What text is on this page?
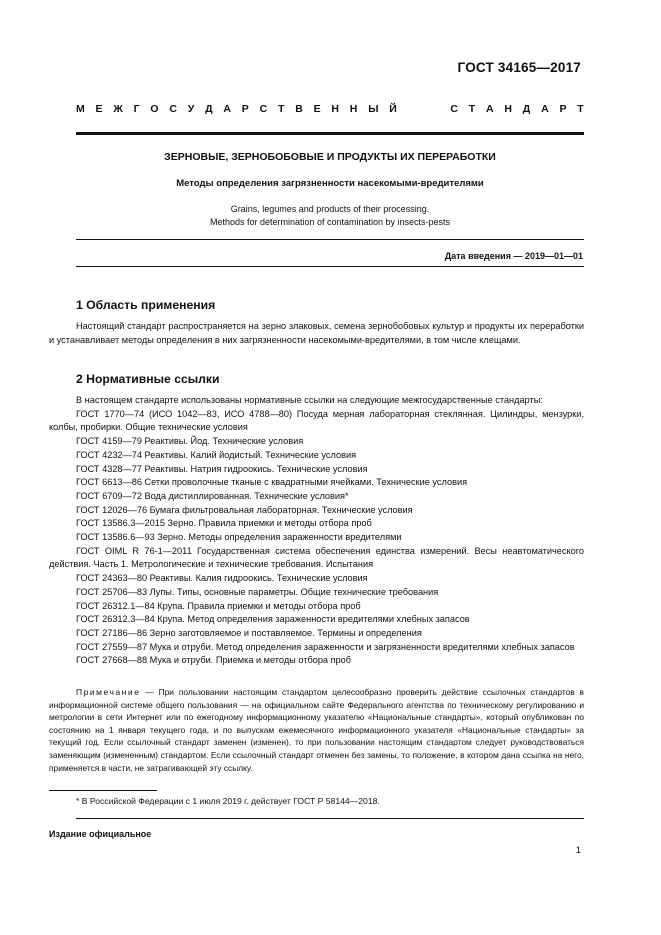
ГОСТ 34165—2017
М Е Ж Г О С У Д А Р С Т В Е Н Н Ы Й	С Т А Н Д А Р Т
ЗЕРНОВЫЕ, ЗЕРНОБОБОВЫЕ И ПРОДУКТЫ ИХ ПЕРЕРАБОТКИ
Методы определения загрязненности насекомыми-вредителями
Grains, legumes and products of their processing.
Methods for determination of contamination by insects-pests
Дата введения — 2019—01—01
1 Область применения

Настоящий стандарт распространяется на зерно злаковых, семена зернобобовых культур и продукты их переработки и устанавливает методы определения в них загрязненности насекомыми-вредителями, в том числе клещами.

2 Нормативные ссылки

В настоящем стандарте использованы нормативные ссылки на следующие межгосударственные стандарты:

ГОСТ 1770—74 (ИСО 1042—83, ИСО 4788—80) Посуда мерная лабораторная стеклянная. Цилиндры, мензурки, колбы, пробирки. Общие технические условия
ГОСТ 4159—79 Реактивы. Йод. Технические условия
ГОСТ 4232—74 Реактивы. Калий йодистый. Технические условия
ГОСТ 4328—77 Реактивы. Натрия гидроокись. Технические условия
ГОСТ 6613—86 Сетки проволочные тканые с квадратными ячейками. Технические условия
ГОСТ 6709—72 Вода дистиллированная. Технические условия*
ГОСТ 12026—76 Бумага фильтровальная лабораторная. Технические условия
ГОСТ 13586.3—2015 Зерно. Правила приемки и методы отбора проб
ГОСТ 13586.6—93 Зерно. Методы определения зараженности вредителями
ГОСТ OIML R 76-1—2011 Государственная система обеспечения единства измерений. Весы неавтоматического действия. Часть 1. Метрологические и технические требования. Испытания
ГОСТ 24363—80 Реактивы. Калия гидроокись. Технические условия
ГОСТ 25706—83 Лупы. Типы, основные параметры. Общие технические требования
ГОСТ 26312.1—84 Крупа. Правила приемки и методы отбора проб
ГОСТ 26312.3—84 Крупа. Метод определения зараженности вредителями хлебных запасов
ГОСТ 27186—86 Зерно заготовляемое и поставляемое. Термины и определения
ГОСТ 27559—87 Мука и отруби. Метод определения зараженности и загрязненности вредителями хлебных запасов
ГОСТ 27668—88 Мука и отруби. Приемка и методы отбора проб

Примечание — При пользовании настоящим стандартом целесообразно проверить действие ссылочных стандартов в информационной системе общего пользования — на официальном сайте Федерального агентства по техническому регулированию и метрологии в сети Интернет или по ежегодному информационному указателю «Национальные стандарты», который опубликован по состоянию на 1 января текущего года, и по выпускам ежемесячного информационного указателя «Национальные стандарты» за текущий год. Если ссылочный стандарт заменен (изменен), то при пользовании настоящим стандартом следует руководствоваться заменяющим (измененным) стандартом. Если ссылочный стандарт отменен без замены, то положение, в котором дана ссылка на него, применяется в части, не затрагивающей эту ссылку.

* В Российской Федерации с 1 июля 2019 г. действует ГОСТ Р 58144—2018.
Издание официальное
1
